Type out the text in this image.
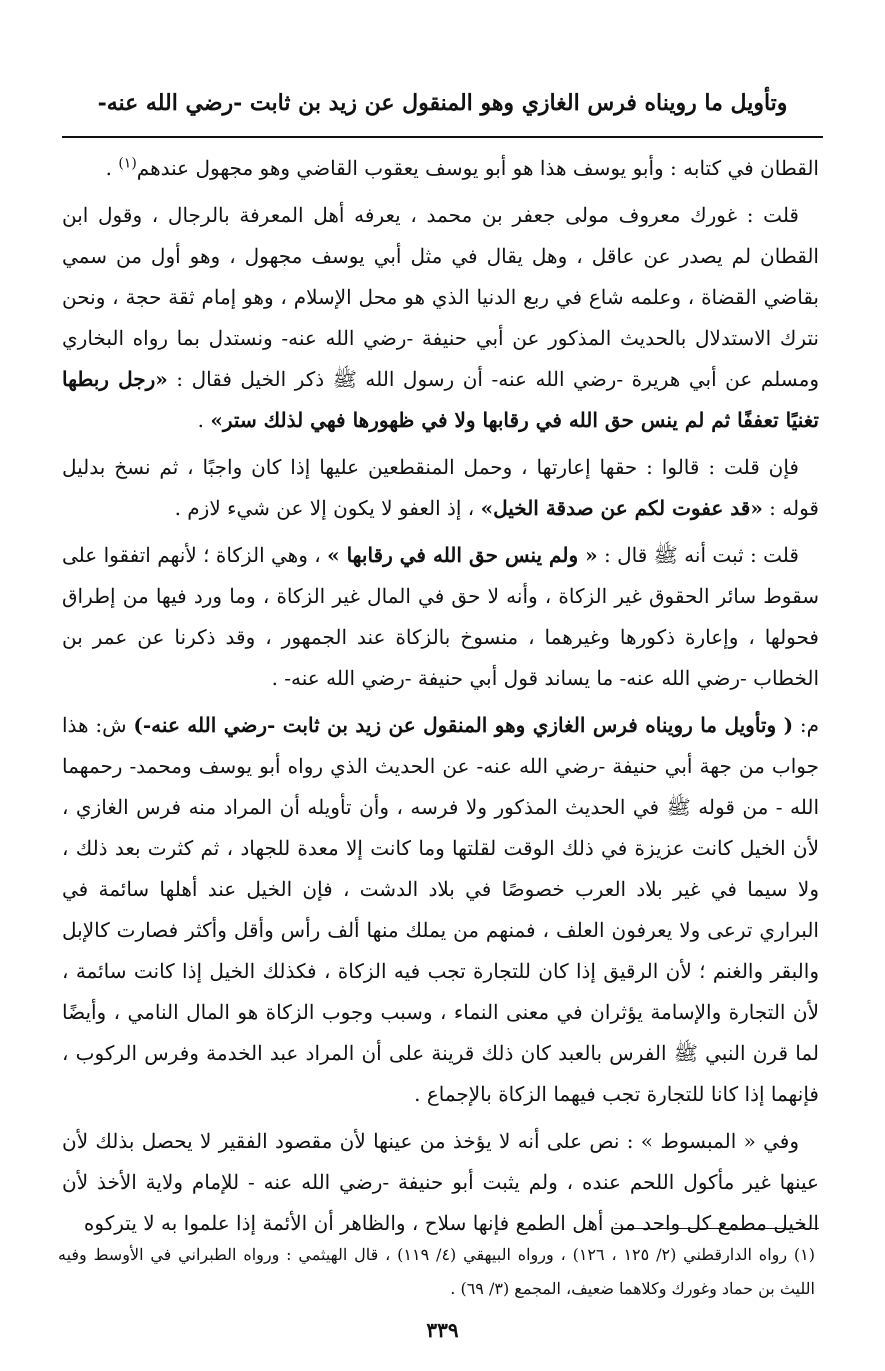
وتأويل ما رويناه فرس الغازي وهو المنقول عن زيد بن ثابت -رضي الله عنه-

القطان في كتابه : وأبو يوسف هذا هو أبو يوسف يعقوب القاضي وهو مجهول عندهم$^{(١)}$ .

قلت : غورك معروف مولى جعفر بن محمد ، يعرفه أهل المعرفة بالرجال ، وقول ابن القطان لم يصدر عن عاقل ، وهل يقال في مثل أبي يوسف مجهول ، وهو أول من سمي بقاضي القضاة ، وعلمه شاع في ربع الدنيا الذي هو محل الإسلام ، وهو إمام ثقة حجة ، ونحن نترك الاستدلال بالحديث المذكور عن أبي حنيفة -رضي الله عنه- ونستدل بما رواه البخاري ومسلم عن أبي هريرة -رضي الله عنه- أن رسول الله ﷺ ذكر الخيل فقال : «رجل ربطها تغنيًا تعففًا ثم لم ينس حق الله في رقابها ولا في ظهورها فهي لذلك ستر» .

فإن قلت : قالوا : حقها إعارتها ، وحمل المنقطعين عليها إذا كان واجبًا ، ثم نسخ بدليل قوله : «قد عفوت لكم عن صدقة الخيل» ، إذ العفو لا يكون إلا عن شيء لازم .

قلت : ثبت أنه ﷺ قال : « ولم ينس حق الله في رقابها » ، وهي الزكاة ؛ لأنهم اتفقوا على سقوط سائر الحقوق غير الزكاة ، وأنه لا حق في المال غير الزكاة ، وما ورد فيها من إطراق فحولها ، وإعارة ذكورها وغيرهما ، منسوخ بالزكاة عند الجمهور ، وقد ذكرنا عن عمر بن الخطاب -رضي الله عنه- ما يساند قول أبي حنيفة -رضي الله عنه- .

م: ( وتأويل ما رويناه فرس الغازي وهو المنقول عن زيد بن ثابت -رضي الله عنه-) ش: هذا جواب من جهة أبي حنيفة -رضي الله عنه- عن الحديث الذي رواه أبو يوسف ومحمد- رحمهما الله - من قوله ﷺ في الحديث المذكور ولا فرسه ، وأن تأويله أن المراد منه فرس الغازي ، لأن الخيل كانت عزيزة في ذلك الوقت لقلتها وما كانت إلا معدة للجهاد ، ثم كثرت بعد ذلك ، ولا سيما في غير بلاد العرب خصوصًا في بلاد الدشت ، فإن الخيل عند أهلها سائمة في البراري ترعى ولا يعرفون العلف ، فمنهم من يملك منها ألف رأس وأقل وأكثر فصارت كالإبل والبقر والغنم ؛ لأن الرقيق إذا كان للتجارة تجب فيه الزكاة ، فكذلك الخيل إذا كانت سائمة ، لأن التجارة والإسامة يؤثران في معنى النماء ، وسبب وجوب الزكاة هو المال النامي ، وأيضًا لما قرن النبي ﷺ الفرس بالعبد كان ذلك قرينة على أن المراد عبد الخدمة وفرس الركوب ، فإنهما إذا كانا للتجارة تجب فيهما الزكاة بالإجماع .

وفي « المبسوط » : نص على أنه لا يؤخذ من عينها لأن مقصود الفقير لا يحصل بذلك لأن عينها غير مأكول اللحم عنده ، ولم يثبت أبو حنيفة -رضي الله عنه - للإمام ولاية الأخذ لأن الخيل مطمع كل واحد من أهل الطمع فإنها سلاح ، والظاهر أن الأئمة إذا علموا به لا يتركوه

(١) رواه الدارقطني (٢/ ١٢٥ ، ١٢٦) ، ورواه البيهقي (٤/ ١١٩) ، قال الهيثمي : ورواه الطبراني في الأوسط وفيه الليث بن حماد وغورك وكلاهما ضعيف، المجمع (٣/ ٦٩) .
٣٣٩
